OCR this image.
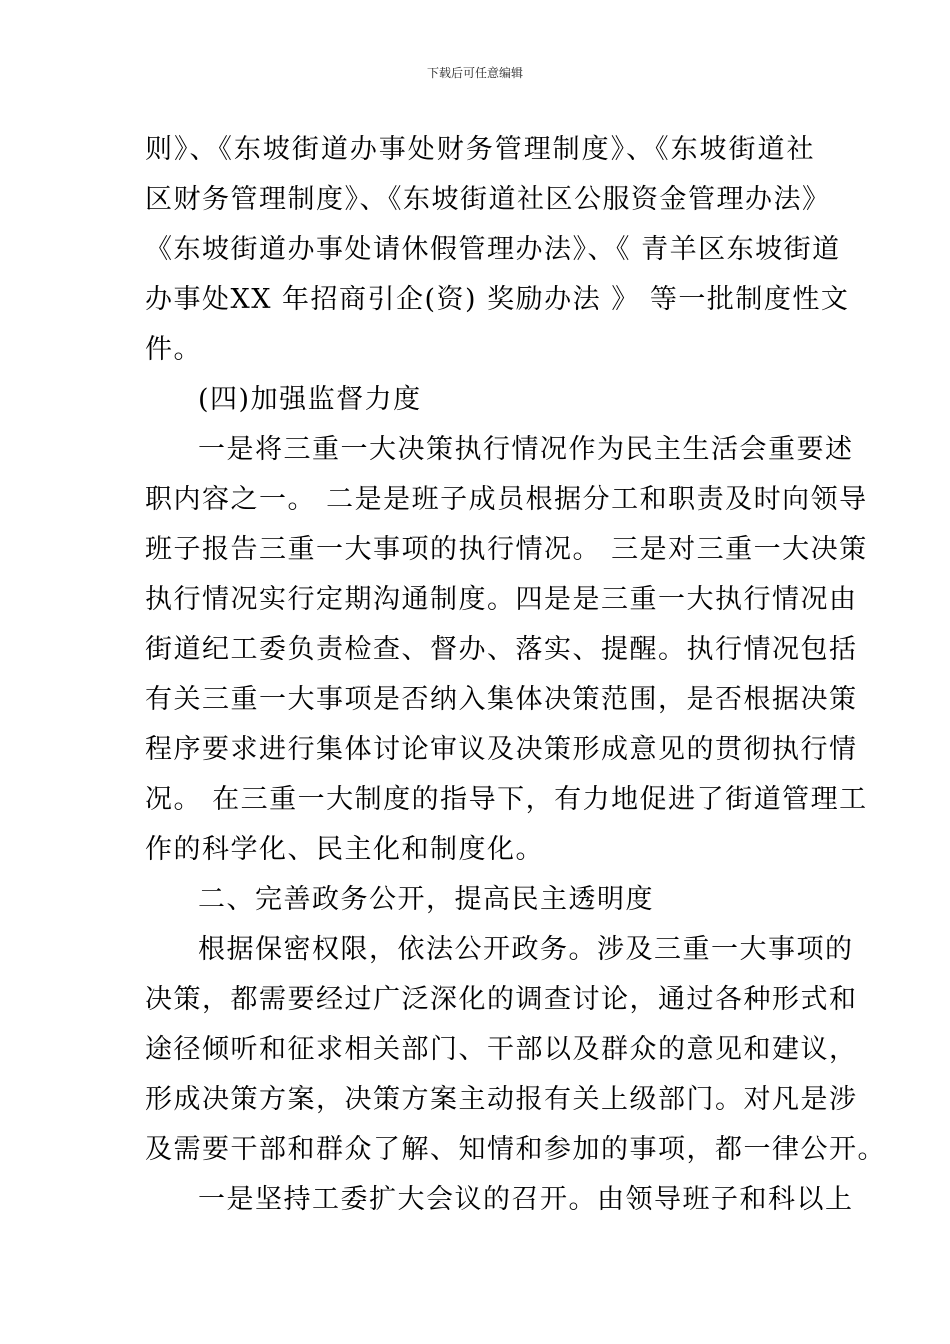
下载后可任意编辑
则》、《东坡街道办事处财务管理制度》、《东坡街道社
区财务管理制度》、《东坡街道社区公服资金管理办法》
《东坡街道办事处请休假管理办法》、《 青羊区东坡街道
办事处XX 年招商引企(资) 奖励办法 》 等一批制度性文
件。
(四)加强监督力度
一是将三重一大决策执行情况作为民主生活会重要述
职内容之一。 二是是班子成员根据分工和职责及时向领导
班子报告三重一大事项的执行情况。 三是对三重一大决策
执行情况实行定期沟通制度。四是是三重一大执行情况由
街道纪工委负责检查、督办、落实、提醒。执行情况包括
有关三重一大事项是否纳入集体决策范围，是否根据决策
程序要求进行集体讨论审议及决策形成意见的贯彻执行情
况。 在三重一大制度的指导下，有力地促进了街道管理工
作的科学化、民主化和制度化。
二、完善政务公开，提高民主透明度
根据保密权限，依法公开政务。涉及三重一大事项的
决策，都需要经过广泛深化的调查讨论，通过各种形式和
途径倾听和征求相关部门、干部以及群众的意见和建议，
形成决策方案，决策方案主动报有关上级部门。对凡是涉
及需要干部和群众了解、知情和参加的事项，都一律公开。
一是坚持工委扩大会议的召开。由领导班子和科以上
